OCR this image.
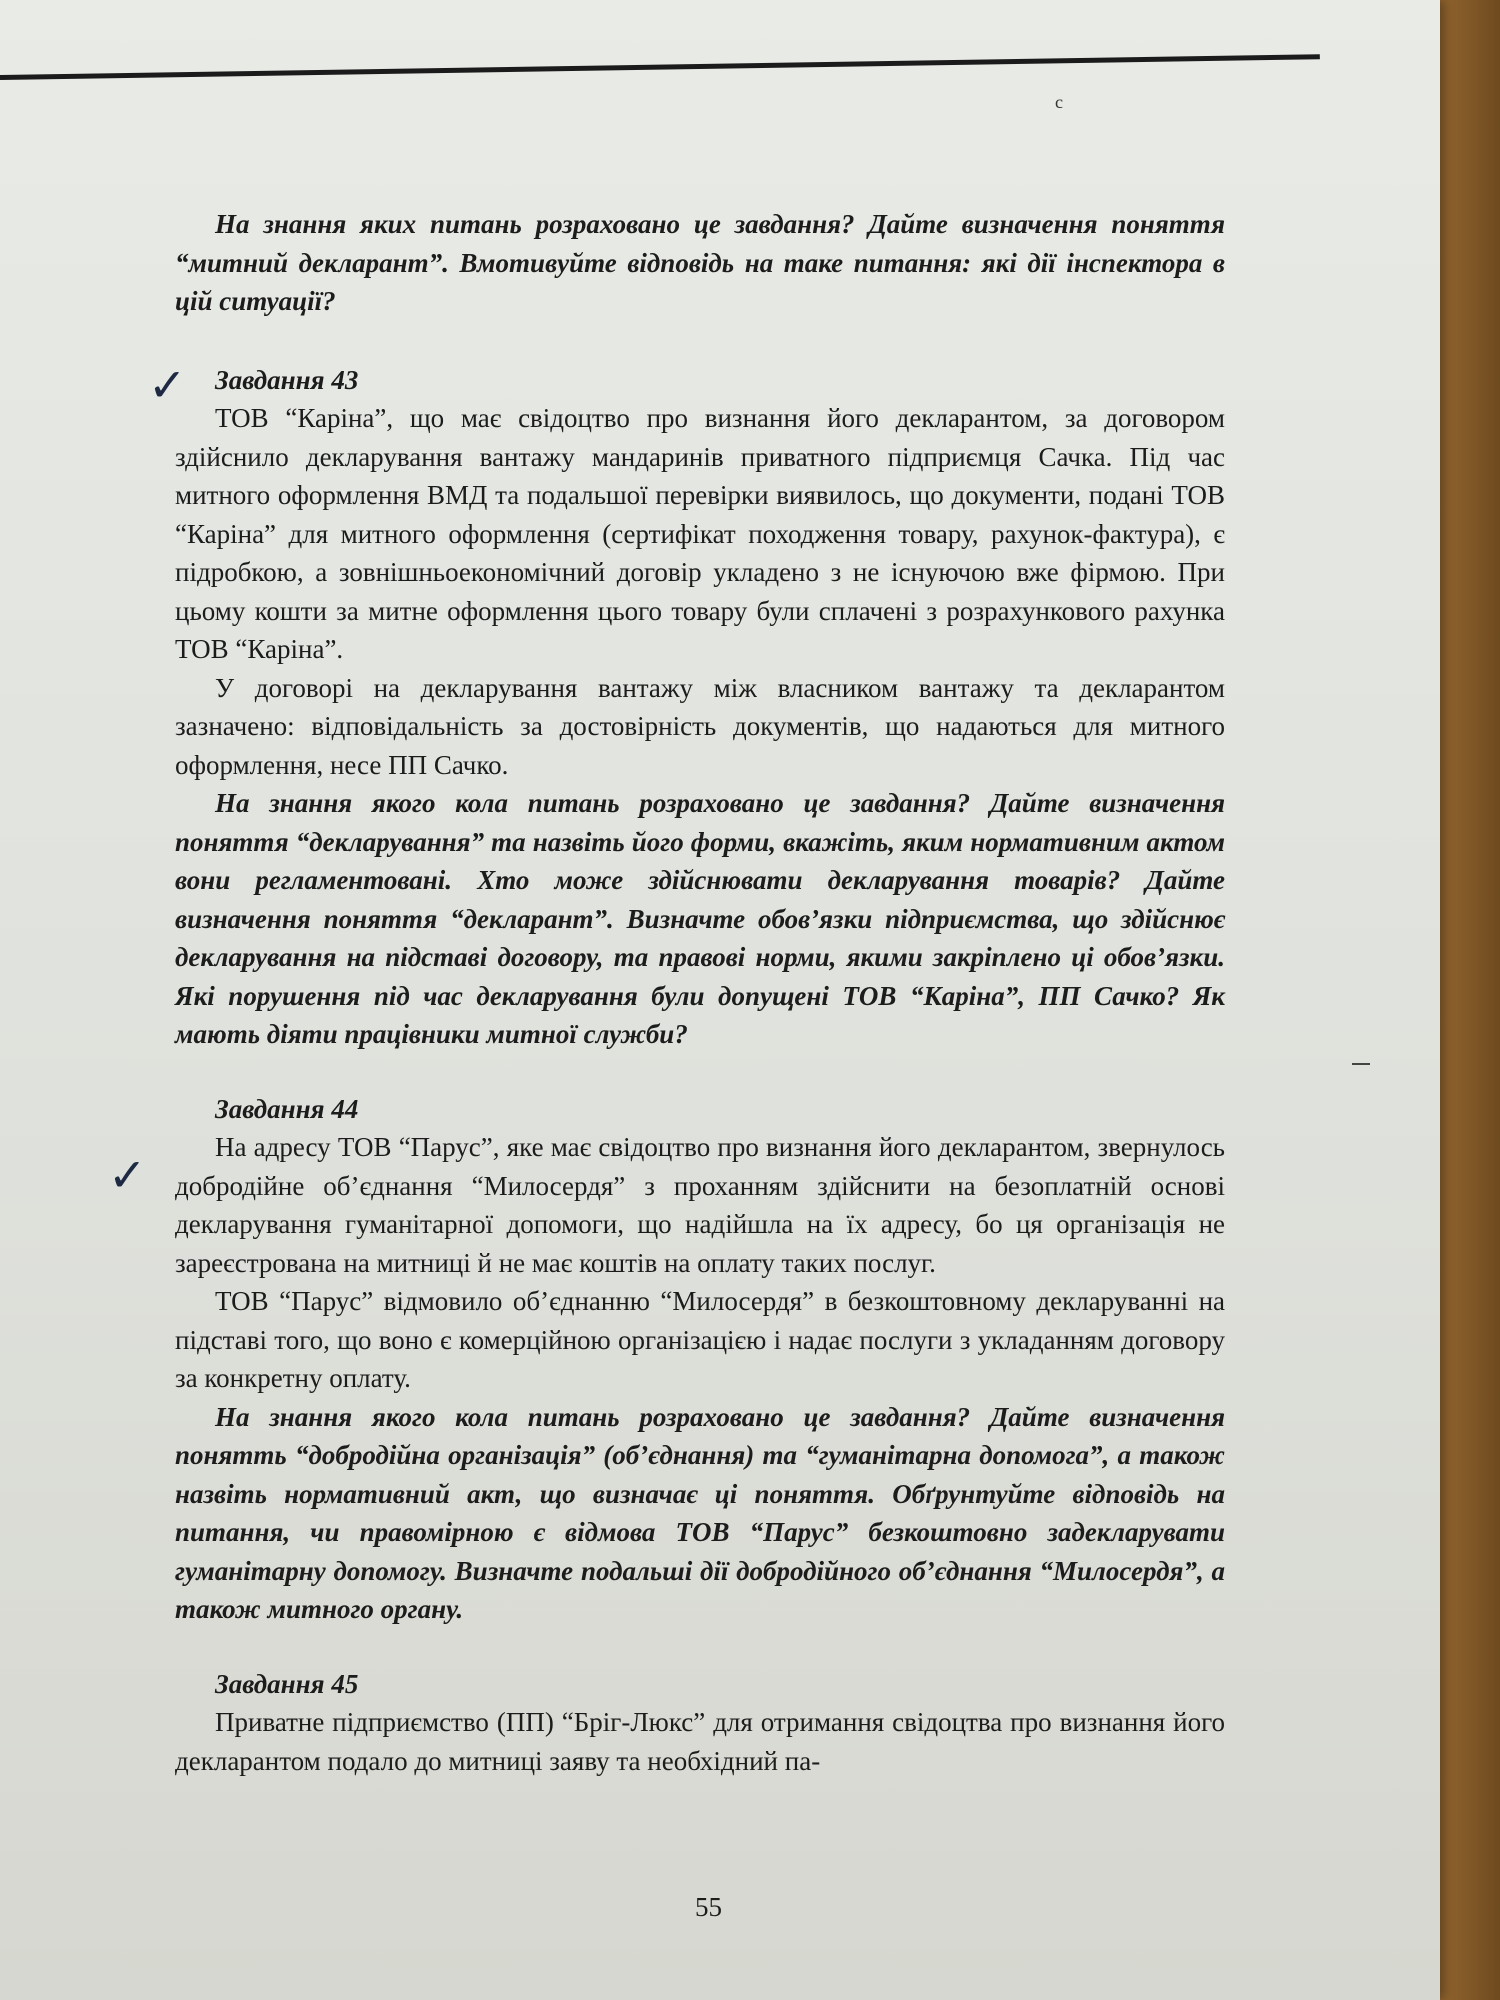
с
✓
✓

На знання яких питань розраховано це завдання? Дайте визначення поняття “митний декларант”. Вмотивуйте відповідь на таке питання: які дії інспектора в цій ситуації?

Завдання 43

ТОВ “Каріна”, що має свідоцтво про визнання його декларантом, за договором здійснило декларування вантажу мандаринів приватного підприємця Сачка. Під час митного оформлення ВМД та подальшої перевірки виявилось, що документи, подані ТОВ “Каріна” для митного оформлення (сертифікат походження товару, рахунок-фактура), є підробкою, а зовнішньоекономічний договір укладено з не існуючою вже фірмою. При цьому кошти за митне оформлення цього товару були сплачені з розрахункового рахунка ТОВ “Каріна”.

У договорі на декларування вантажу між власником вантажу та декларантом зазначено: відповідальність за достовірність документів, що надаються для митного оформлення, несе ПП Сачко.

На знання якого кола питань розраховано це завдання? Дайте визначення поняття “декларування” та назвіть його форми, вкажіть, яким нормативним актом вони регламентовані. Хто може здійснювати декларування товарів? Дайте визначення поняття “декларант”. Визначте обов’язки підприємства, що здійснює декларування на підставі договору, та правові норми, якими закріплено ці обов’язки. Які порушення під час декларування були допущені ТОВ “Каріна”, ПП Сачко? Як мають діяти працівники митної служби?

Завдання 44

На адресу ТОВ “Парус”, яке має свідоцтво про визнання його декларантом, звернулось добродійне об’єднання “Милосердя” з проханням здійснити на безоплатній основі декларування гуманітарної допомоги, що надійшла на їх адресу, бо ця організація не зареєстрована на митниці й не має коштів на оплату таких послуг.

ТОВ “Парус” відмовило об’єднанню “Милосердя” в безкоштовному декларуванні на підставі того, що воно є комерційною організацією і надає послуги з укладанням договору за конкретну оплату.

На знання якого кола питань розраховано це завдання? Дайте визначення понятть “добродійна організація” (об’єднання) та “гуманітарна допомога”, а також назвіть нормативний акт, що визначає ці поняття. Обґрунтуйте відповідь на питання, чи правомірною є відмова ТОВ “Парус” безкоштовно задекларувати гуманітарну допомогу. Визначте подальші дії добродійного об’єднання “Милосердя”, а також митного органу.

Завдання 45

Приватне підприємство (ПП) “Бріг-Люкс” для отримання свідоцтва про визнання його декларантом подало до митниці заяву та необхідний па-

55
